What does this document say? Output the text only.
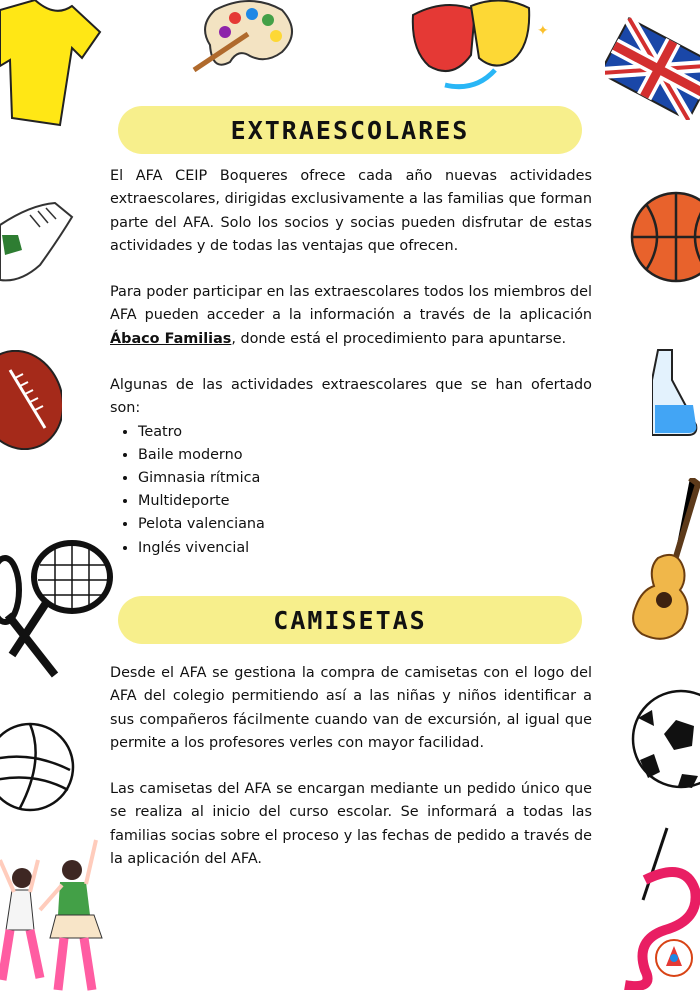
✦
EXTRAESCOLARES

El AFA CEIP Boqueres ofrece cada año nuevas actividades extraescolares, dirigidas exclusivamente a las familias que forman parte del AFA. Solo los socios y socias pueden disfrutar de estas actividades y de todas las ventajas que ofrecen.

Para poder participar en las extraescolares todos los miembros del AFA pueden acceder a la información a través de la aplicación Ábaco Familias, donde está el procedimiento para apuntarse.

Algunas de las actividades extraescolares que se han ofertado son:
• Teatro
• Baile moderno
• Gimnasia rítmica
• Multideporte
• Pelota valenciana
• Inglés vivencial
CAMISETAS

Desde el AFA se gestiona la compra de camisetas con el logo del AFA del colegio permitiendo así a las niñas y niños identificar a sus compañeros fácilmente cuando van de excursión, al igual que permite a los profesores verles con mayor facilidad.

Las camisetas del AFA se encargan mediante un pedido único que se realiza al inicio del curso escolar. Se informará a todas las familias socias sobre el proceso y las fechas de pedido a través de la aplicación del AFA.
